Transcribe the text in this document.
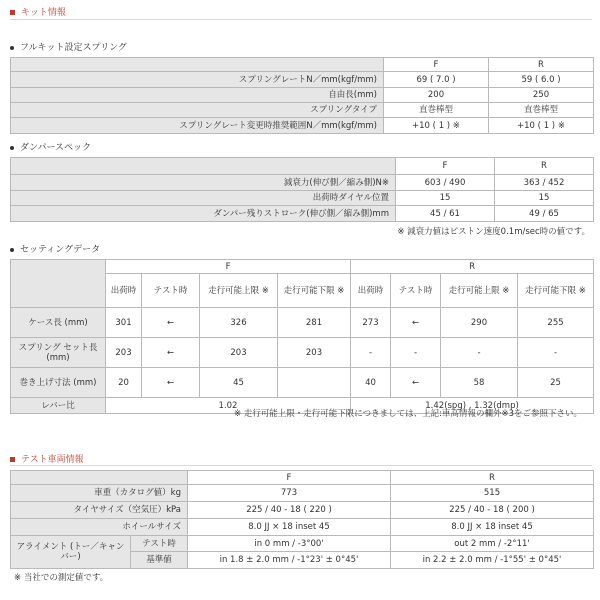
キット情報
フルキット設定スプリング
	F	R
スプリングレートN／mm(kgf/mm)	69 ( 7.0 )	59 ( 6.0 )
自由長(mm)	200	250
スプリングタイプ	直巻棒型	直巻棒型
スプリングレート変更時推奨範囲N／mm(kgf/mm)	+10 ( 1 ) ※	+10 ( 1 ) ※
ダンパースペック
	F	R
減衰力(伸び側／縮み側)N※	603 / 490	363 / 452
出荷時ダイヤル位置	15	15
ダンパー残りストローク(伸び側／縮み側)mm	45 / 61	49 / 65
※ 減衰力値はピストン速度0.1m/sec時の値です。
セッティングデータ
	F				R			
	出荷時	テスト時	走行可能上限 ※	走行可能下限 ※	出荷時	テスト時	走行可能上限 ※	走行可能下限 ※
ケース長 (mm)	301	←	326	281	273	←	290	255
スプリング セット長 (mm)	203	←	203	203	-	-	-	-
巻き上げ寸法 (mm)	20	←	45		40	←	58	25
レバー比	1.02				1.42(spg) , 1.32(dmp)			
※ 走行可能上限・走行可能下限につきましては、上記:車高情報の欄外※3をご参照下さい。
テスト車両情報
		F	R
車重（カタログ値）kg		773	515
タイヤサイズ（空気圧）kPa		225 / 40 - 18 ( 220 )	225 / 40 - 18 ( 200 )
ホイールサイズ		8.0 JJ × 18 inset 45	8.0 JJ × 18 inset 45
アライメント (トー／キャンバー)	テスト時	in 0 mm / -3°00'	out 2 mm / -2°11'
	基準値	in 1.8 ± 2.0 mm / -1°23' ± 0°45'	in 2.2 ± 2.0 mm / -1°55' ± 0°45'
※ 当社での測定値です。
